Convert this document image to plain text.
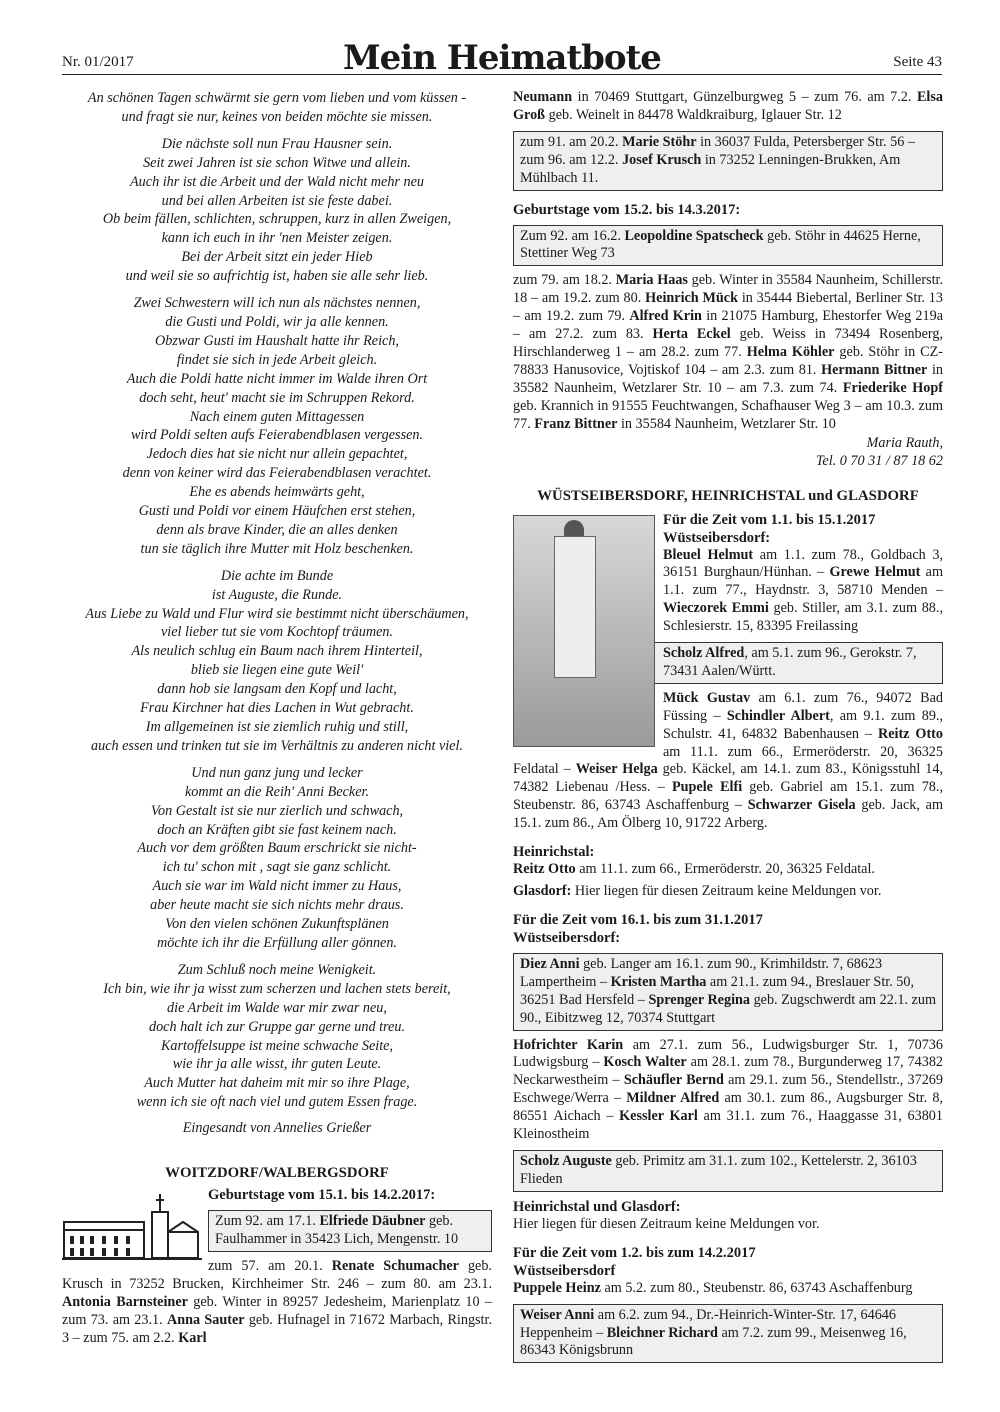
Nr. 01/2017	Mein Heimatbote	Seite 43

An schönen Tagen schwärmt sie gern vom lieben und vom küssen -
und fragt sie nur, keines von beiden möchte sie missen.

Die nächste soll nun Frau Hausner sein.
Seit zwei Jahren ist sie schon Witwe und allein.
Auch ihr ist die Arbeit und der Wald nicht mehr neu
und bei allen Arbeiten ist sie feste dabei.
Ob beim fällen, schlichten, schruppen, kurz in allen Zweigen,
kann ich euch in ihr 'nen Meister zeigen.
Bei der Arbeit sitzt ein jeder Hieb
und weil sie so aufrichtig ist, haben sie alle sehr lieb.

Zwei Schwestern will ich nun als nächstes nennen,
die Gusti und Poldi, wir ja alle kennen.
Obzwar Gusti im Haushalt hatte ihr Reich,
findet sie sich in jede Arbeit gleich.
Auch die Poldi hatte nicht immer im Walde ihren Ort
doch seht, heut' macht sie im Schruppen Rekord.
Nach einem guten Mittagessen
wird Poldi selten aufs Feierabendblasen vergessen.
Jedoch dies hat sie nicht nur allein gepachtet,
denn von keiner wird das Feierabendblasen verachtet.
Ehe es abends heimwärts geht,
Gusti und Poldi vor einem Häufchen erst stehen,
denn als brave Kinder, die an alles denken
tun sie täglich ihre Mutter mit Holz beschenken.

Die achte im Bunde
ist Auguste, die Runde.
Aus Liebe zu Wald und Flur wird sie bestimmt nicht überschäumen,
viel lieber tut sie vom Kochtopf träumen.
Als neulich schlug ein Baum nach ihrem Hinterteil,
blieb sie liegen eine gute Weil'
dann hob sie langsam den Kopf und lacht,
Frau Kirchner hat dies Lachen in Wut gebracht.
Im allgemeinen ist sie ziemlich ruhig und still,
auch essen und trinken tut sie im Verhältnis zu anderen nicht viel.

Und nun ganz jung und lecker
kommt an die Reih' Anni Becker.
Von Gestalt ist sie nur zierlich und schwach,
doch an Kräften gibt sie fast keinem nach.
Auch vor dem größten Baum erschrickt sie nicht-
ich tu' schon mit , sagt sie ganz schlicht.
Auch sie war im Wald nicht immer zu Haus,
aber heute macht sie sich nichts mehr draus.
Von den vielen schönen Zukunftsplänen
möchte ich ihr die Erfüllung aller gönnen.

Zum Schluß noch meine Wenigkeit.
Ich bin, wie ihr ja wisst zum scherzen und lachen stets bereit,
die Arbeit im Walde war mir zwar neu,
doch halt ich zur Gruppe gar gerne und treu.
Kartoffelsuppe ist meine schwache Seite,
wie ihr ja alle wisst, ihr guten Leute.
Auch Mutter hat daheim mit mir so ihre Plage,
wenn ich sie oft nach viel und gutem Essen frage.

Eingesandt von Annelies Grießer
WOITZDORF/WALBERGSDORF
Geburtstage vom 15.1. bis 14.2.2017:
Zum 92. am 17.1. Elfriede Däubner geb. Faulhammer in 35423 Lich, Mengenstr. 10
zum 57. am 20.1. Renate Schumacher geb. Krusch in 73252 Brucken, Kirchheimer Str. 246 – zum 80. am 23.1. Antonia Barnsteiner geb. Winter in 89257 Jedesheim, Marienplatz 10 – zum 73. am 23.1. Anna Sauter geb. Hufnagel in 71672 Marbach, Ringstr. 3 – zum 75. am 2.2. Karl
Neumann in 70469 Stuttgart, Günzelburgweg 5 – zum 76. am 7.2. Elsa Groß geb. Weinelt in 84478 Waldkraiburg, Iglauer Str. 12
zum 91. am 20.2. Marie Stöhr in 36037 Fulda, Petersberger Str. 56 – zum 96. am 12.2. Josef Krusch in 73252 Lenningen-Brukken, Am Mühlbach 11.
Geburtstage vom 15.2. bis 14.3.2017:
Zum 92. am 16.2. Leopoldine Spatscheck geb. Stöhr in 44625 Herne, Stettiner Weg 73
zum 79. am 18.2. Maria Haas geb. Winter in 35584 Naunheim, Schillerstr. 18 – am 19.2. zum 80. Heinrich Mück in 35444 Biebertal, Berliner Str. 13 – am 19.2. zum 79. Alfred Krin in 21075 Hamburg, Ehestorfer Weg 219a – am 27.2. zum 83. Herta Eckel geb. Weiss in 73494 Rosenberg, Hirschlanderweg 1 – am 28.2. zum 77. Helma Köhler geb. Stöhr in CZ-78833 Hanusovice, Vojtiskof 104 – am 2.3. zum 81. Hermann Bittner in 35582 Naunheim, Wetzlarer Str. 10 – am 7.3. zum 74. Friederike Hopf geb. Krannich in 91555 Feuchtwangen, Schafhauser Weg 3 – am 10.3. zum 77. Franz Bittner in 35584 Naunheim, Wetzlarer Str. 10
Maria Rauth,
Tel. 0 70 31 / 87 18 62
WÜSTSEIBERSDORF, HEINRICHSTAL und GLASDORF
Für die Zeit vom 1.1. bis 15.1.2017
Wüstseibersdorf:
Bleuel Helmut am 1.1. zum 78., Goldbach 3, 36151 Burghaun/Hünhan. – Grewe Helmut am 1.1. zum 77., Haydnstr. 3, 58710 Menden – Wieczorek Emmi geb. Stiller, am 3.1. zum 88., Schlesierstr. 15, 83395 Freilassing
Scholz Alfred, am 5.1. zum 96., Gerokstr. 7, 73431 Aalen/Württ.
Mück Gustav am 6.1. zum 76., 94072 Bad Füssing – Schindler Albert, am 9.1. zum 89., Schulstr. 41, 64832 Babenhausen – Reitz Otto am 11.1. zum 66., Ermeröderstr. 20, 36325 Feldatal – Weiser Helga geb. Käckel, am 14.1. zum 83., Königsstuhl 14, 74382 Liebenau /Hess. – Pupele Elfi geb. Gabriel am 15.1. zum 78., Steubenstr. 86, 63743 Aschaffenburg – Schwarzer Gisela geb. Jack, am 15.1. zum 86., Am Ölberg 10, 91722 Arberg.
Heinrichstal:
Reitz Otto am 11.1. zum 66., Ermeröderstr. 20, 36325 Feldatal.
Glasdorf: Hier liegen für diesen Zeitraum keine Meldungen vor.
Für die Zeit vom 16.1. bis zum 31.1.2017
Wüstseibersdorf:
Diez Anni geb. Langer am 16.1. zum 90., Krimhildstr. 7, 68623 Lampertheim – Kristen Martha am 21.1. zum 94., Breslauer Str. 50, 36251 Bad Hersfeld – Sprenger Regina geb. Zugschwerdt am 22.1. zum 90., Eibitzweg 12, 70374 Stuttgart
Hofrichter Karin am 27.1. zum 56., Ludwigsburger Str. 1, 70736 Ludwigsburg – Kosch Walter am 28.1. zum 78., Burgunderweg 17, 74382 Neckarwestheim – Schäufler Bernd am 29.1. zum 56., Stendellstr., 37269 Eschwege/Werra – Mildner Alfred am 30.1. zum 86., Augsburger Str. 8, 86551 Aichach – Kessler Karl am 31.1. zum 76., Haaggasse 31, 63801 Kleinostheim
Scholz Auguste geb. Primitz am 31.1. zum 102., Kettelerstr. 2, 36103 Flieden
Heinrichstal und Glasdorf:
Hier liegen für diesen Zeitraum keine Meldungen vor.
Für die Zeit vom 1.2. bis zum 14.2.2017
Wüstseibersdorf
Puppele Heinz am 5.2. zum 80., Steubenstr. 86, 63743 Aschaffenburg
Weiser Anni am 6.2. zum 94., Dr.-Heinrich-Winter-Str. 17, 64646 Heppenheim – Bleichner Richard am 7.2. zum 99., Meisenweg 16, 86343 Königsbrunn
